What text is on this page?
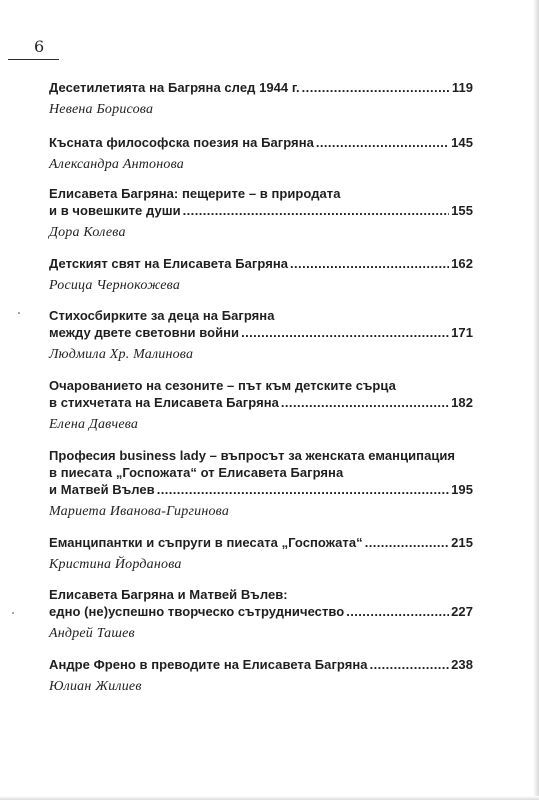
6
Десетилетията на Багряна след 1944 г. .....	119
Невена Борисова
Късната философска поезия на Багряна .....	145
Александра Антонова
Елисавета Багряна: пещерите – в природата
и в човешките души .....	155
Дора Колева
Детският свят на Елисавета Багряна .....	162
Росица Чернокожева
Стихосбирките за деца на Багряна
между двете световни войни .....	171
Людмила Хр. Малинова
Очарованието на сезоните – път към детските сърца
в стихчетата на Елисавета Багряна .....	182
Елена Давчева
Професия business lady – въпросът за женската еманципация
в пиесата „Госпожата“ от Елисавета Багряна
и Матвей Вълев .....	195
Мариета Иванова-Гиргинова
Еманципантки и съпруги в пиесата „Госпожата“ .....	215
Кристина Йорданова
Елисавета Багряна и Матвей Вълев:
едно (не)успешно творческо сътрудничество .....	227
Андрей Ташев
Андре Френо в преводите на Елисавета Багряна .....	238
Юлиан Жилиев
